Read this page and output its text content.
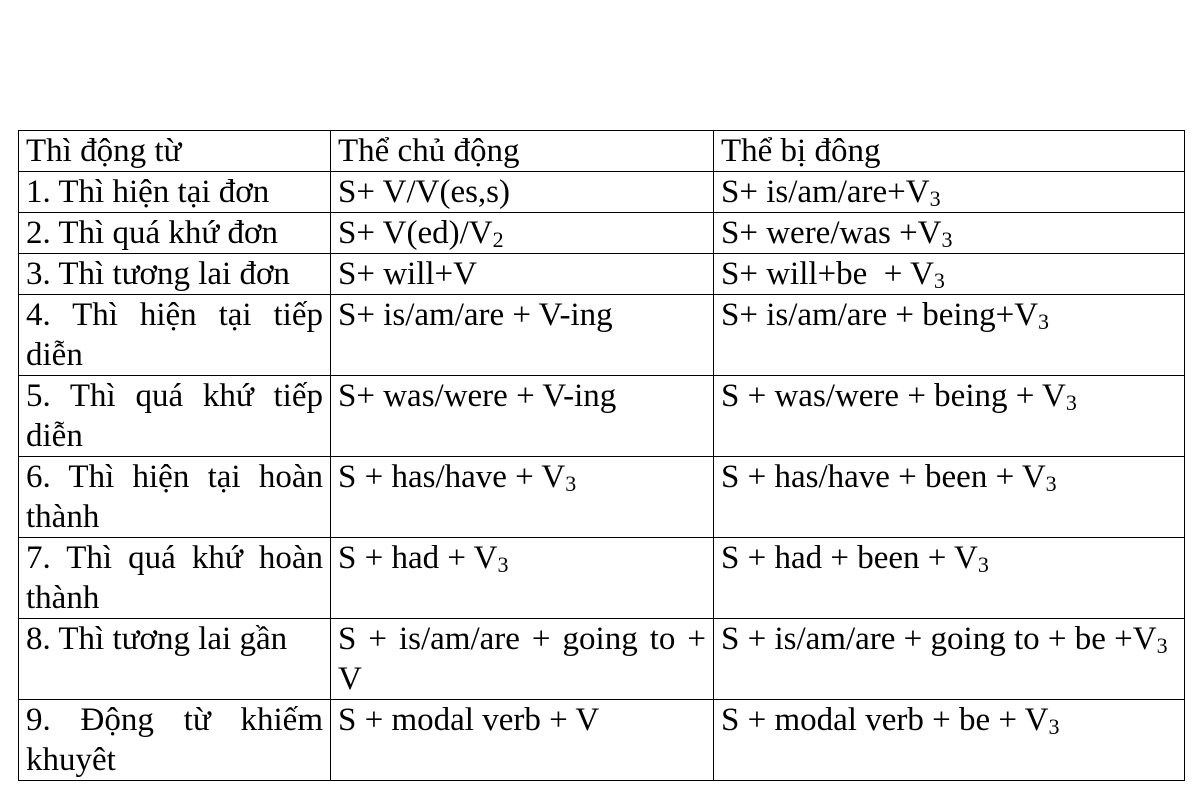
Thì động từ	Thể chủ động	Thể bị đông
1. Thì hiện tại đơn	S+ V/V(es,s)	$S+ is/am/are+V_3$
2. Thì quá khứ đơn	$S+ V(ed)/V_2$	S+ were/was $+V_3$
3. Thì tương lai đơn	S+ will+V	S+ will+be  + $V_3$
4. Thì hiện tại tiếp diễn	S+ is/am/are + V-ing	$S+ is/am/are + being+V_3$
5. Thì quá khứ tiếp diễn	S+ was/were + V-ing	S + was/were + being + $V_3$
6. Thì hiện tại hoàn thành	S + has/have + $V_3$	S + has/have + been + $V_3$
7. Thì quá khứ hoàn thành	S + had + $V_3$	S + had + been + $V_3$
8. Thì tương lai gần	S + is/am/are + going to + V	S + is/am/are + going to + be $+V_3$
9. Động từ khiếm khuyêt	S + modal verb + V	S + modal verb + be + $V_3$
